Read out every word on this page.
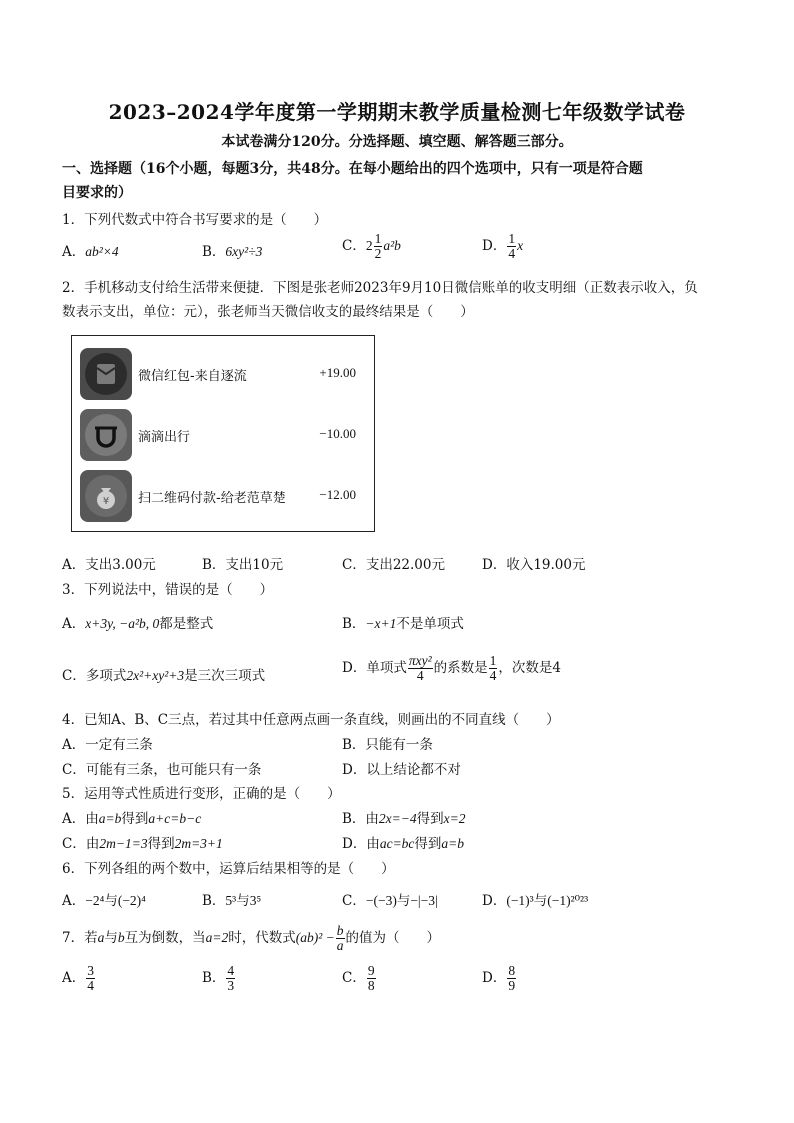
2023–2024学年度第一学期期末教学质量检测七年级数学试卷
本试卷满分120分。分选择题、填空题、解答题三部分。
一、选择题（16个小题，每题3分，共48分。在每小题给出的四个选项中，只有一项是符合题
目要求的）
1．下列代数式中符合书写要求的是（　　）
A．ab²×4	B．6xy²÷3	C．$2 \frac{1}{2} a^2b$	D． $\frac{1}{4}$ x
2．手机移动支付给生活带来便捷．下图是张老师2023年9月10日微信账单的收支明细（正数表示收入，负
数表示支出，单位：元），张老师当天微信收支的最终结果是（　　）
微信红包-来自逐流	+19.00
滴滴出行	−10.00
¥ 扫二维码付款-给老范草楚	−12.00
A．支出3.00元	B．支出10元	C．支出22.00元	D．收入19.00元
3．下列说法中，错误的是（　　）
A．x+3y, −a²b, 0都是整式	B．−x+1不是单项式
C．多项式2x²+xy²+3是三次三项式	D．单项式 $\frac{\text{πxy²}}{4}$ 的系数是 $\frac{1}{4}$ ，次数是4
4．已知A、B、C三点，若过其中任意两点画一条直线，则画出的不同直线（　　）
A．一定有三条	B．只能有一条
C．可能有三条，也可能只有一条	D．以上结论都不对
5．运用等式性质进行变形，正确的是（　　）
A．由a=b得到a+c=b−c	B．由2x=−4得到x=2
C．由2m−1=3得到2m=3+1	D．由ac=bc得到a=b
6．下列各组的两个数中，运算后结果相等的是（　　）
A．−2⁴与(−2)⁴	B．5³与3⁵	C．−(−3)与−|−3|	D．(−1)³与(−1)²⁰²³
7．若a与b互为倒数，当a=2时，代数式$(ab)^2 - \frac{b}{a}$ 的值为（　　）
A． $\frac{3}{4}$	B． $\frac{4}{3}$	C． $\frac{9}{8}$	D． $\frac{8}{9}$
